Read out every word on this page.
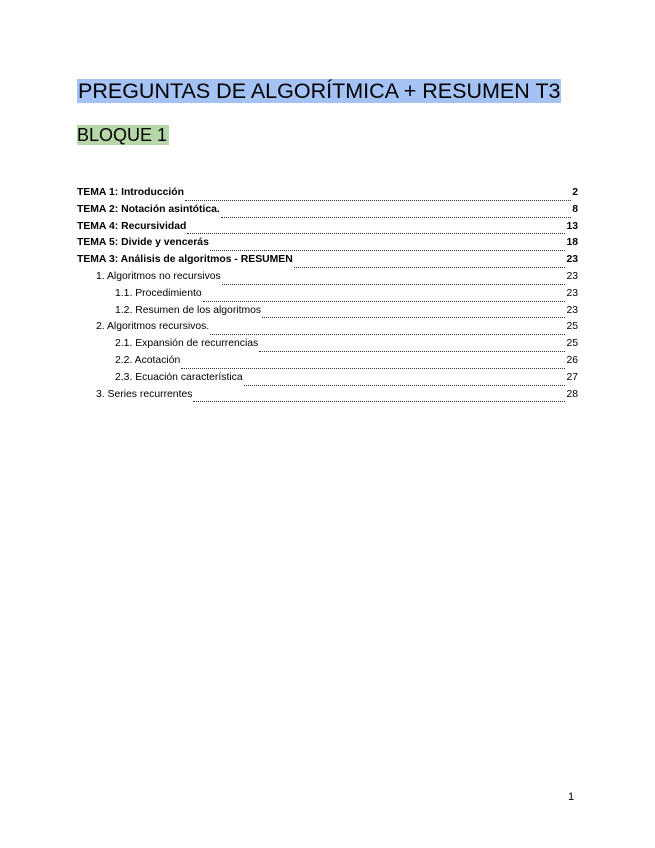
PREGUNTAS DE ALGORÍTMICA + RESUMEN T3
BLOQUE 1
TEMA 1: Introducción	2
TEMA 2: Notación asintótica.	8
TEMA 4: Recursividad	13
TEMA 5: Divide y vencerás	18
TEMA 3: Análisis de algoritmos - RESUMEN	23
1. Algoritmos no recursivos	23
1.1. Procedimiento	23
1.2. Resumen de los algoritmos	23
2. Algoritmos recursivos.	25
2.1. Expansión de recurrencias	25
2.2. Acotación	26
2.3. Ecuación característica	27
3. Series recurrentes	28
1
